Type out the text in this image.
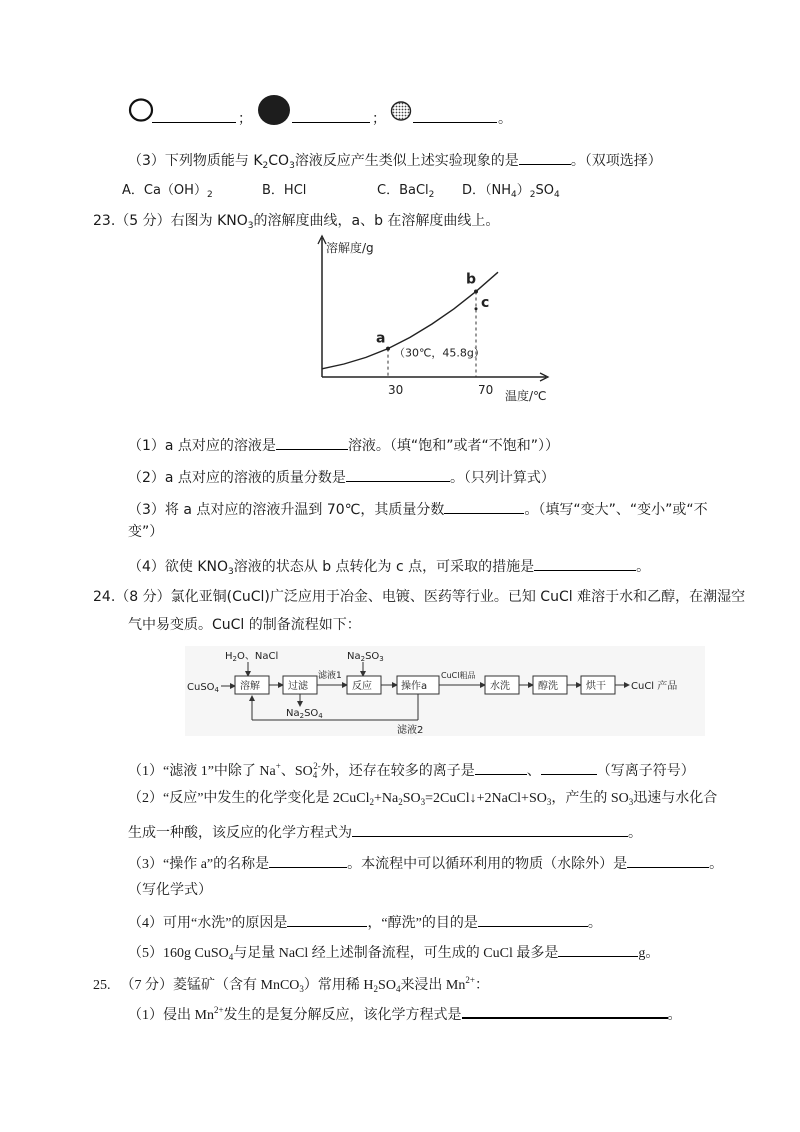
；	；	。
（3）下列物质能与 $K_2CO_3$溶液反应产生类似上述实验现象的是	。（双项选择）
A．$Ca(OH)_2$	B．HCl	C．BaCl$_2$ D．$(NH_4)_2SO_4$
23.（5 分）右图为 $KNO_3$的溶解度曲线，a、b 在溶解度曲线上。
溶解度/g
温度/℃
30	70
a
b
c
（30℃，45.8g）
（1）a 点对应的溶液是	溶液。（填“饱和”或者“不饱和”））
（2）a 点对应的溶液的质量分数是	。（只列计算式）
（3）将 a 点对应的溶液升温到 70℃，其质量分数	。（填写“变大”、“变小”或“不
变”）
（4）欲使 $KNO_3$溶液的状态从 b 点转化为 c 点，可采取的措施是	。
24.（8 分）氯化亚铜(CuCl)广泛应用于冶金、电镀、医药等行业。已知 CuCl 难溶于水和乙醇，在潮湿空
气中易变质。CuCl 的制备流程如下：
CuSO$_4$
$H_2O$、NaCl
溶解	过滤
滤液1
$Na_2SO_3$
反应	操作a
CuCl粗品
水洗	醇洗	烘干	CuCl 产品
$Na_2SO_4$
滤液2
（1）“滤液 1”中除了 Na+、$SO_4^{2-}$外，还存在较多的离子是	、	（写离子符号）
（2）“反应”中发生的化学变化是 $2CuCl_2+Na_2SO_3=2CuCl↓+2NaCl+SO_3$，产生的 $SO_3$迅速与水化合
生成一种酸，该反应的化学方程式为	。
（3）“操作 a”的名称是	。本流程中可以循环利用的物质（水除外）是	。
（写化学式）
（4）可用“水洗”的原因是	，“醇洗”的目的是	。
（5）160g CuSO$_4$与足量 NaCl 经上述制备流程，可生成的 CuCl 最多是	g。
25. （7 分）菱锰矿（含有 MnCO$_3$）常用稀 $H_2SO_4$来浸出 $Mn^{2+}$：
（1）侵出 $Mn^{2+}$发生的是复分解反应，该化学方程式是	。
